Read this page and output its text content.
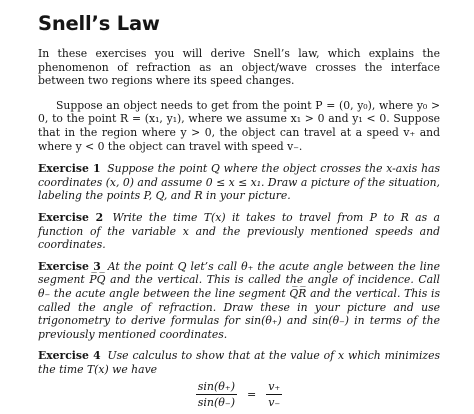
Snell’s Law

In these exercises you will derive Snell’s law, which explains the phenomenon of refraction as an object/wave crosses the interface between two regions where its speed changes.

Suppose an object needs to get from the point P = (0, y₀), where y₀ > 0, to the point R = (x₁, y₁), where we assume x₁ > 0 and y₁ < 0. Suppose that in the region where y > 0, the object can travel at a speed v₊ and where y < 0 the object can travel with speed v₋.

Exercise 1 Suppose the point Q where the object crosses the x-axis has coordinates (x, 0) and assume 0 ≤ x ≤ x₁. Draw a picture of the situation, labeling the points P, Q, and R in your picture.

Exercise 2 Write the time T(x) it takes to travel from P to R as a function of the variable x and the previously mentioned speeds and coordinates.

Exercise 3 At the point Q let’s call θ₊ the acute angle between the line segment P̅Q̅ and the vertical. This is called the angle of incidence. Call θ₋ the acute angle between the line segment Q̅R̅ and the vertical. This is called the angle of refraction. Draw these in your picture and use trigonometry to derive formulas for sin(θ₊) and sin(θ₋) in terms of the previously mentioned coordinates.

Exercise 4 Use calculus to show that at the value of x which minimizes the time T(x) we have

$\frac{\sin(\theta_+)}{\sin(\theta_-)} = \frac{v_+}{v_-}$
